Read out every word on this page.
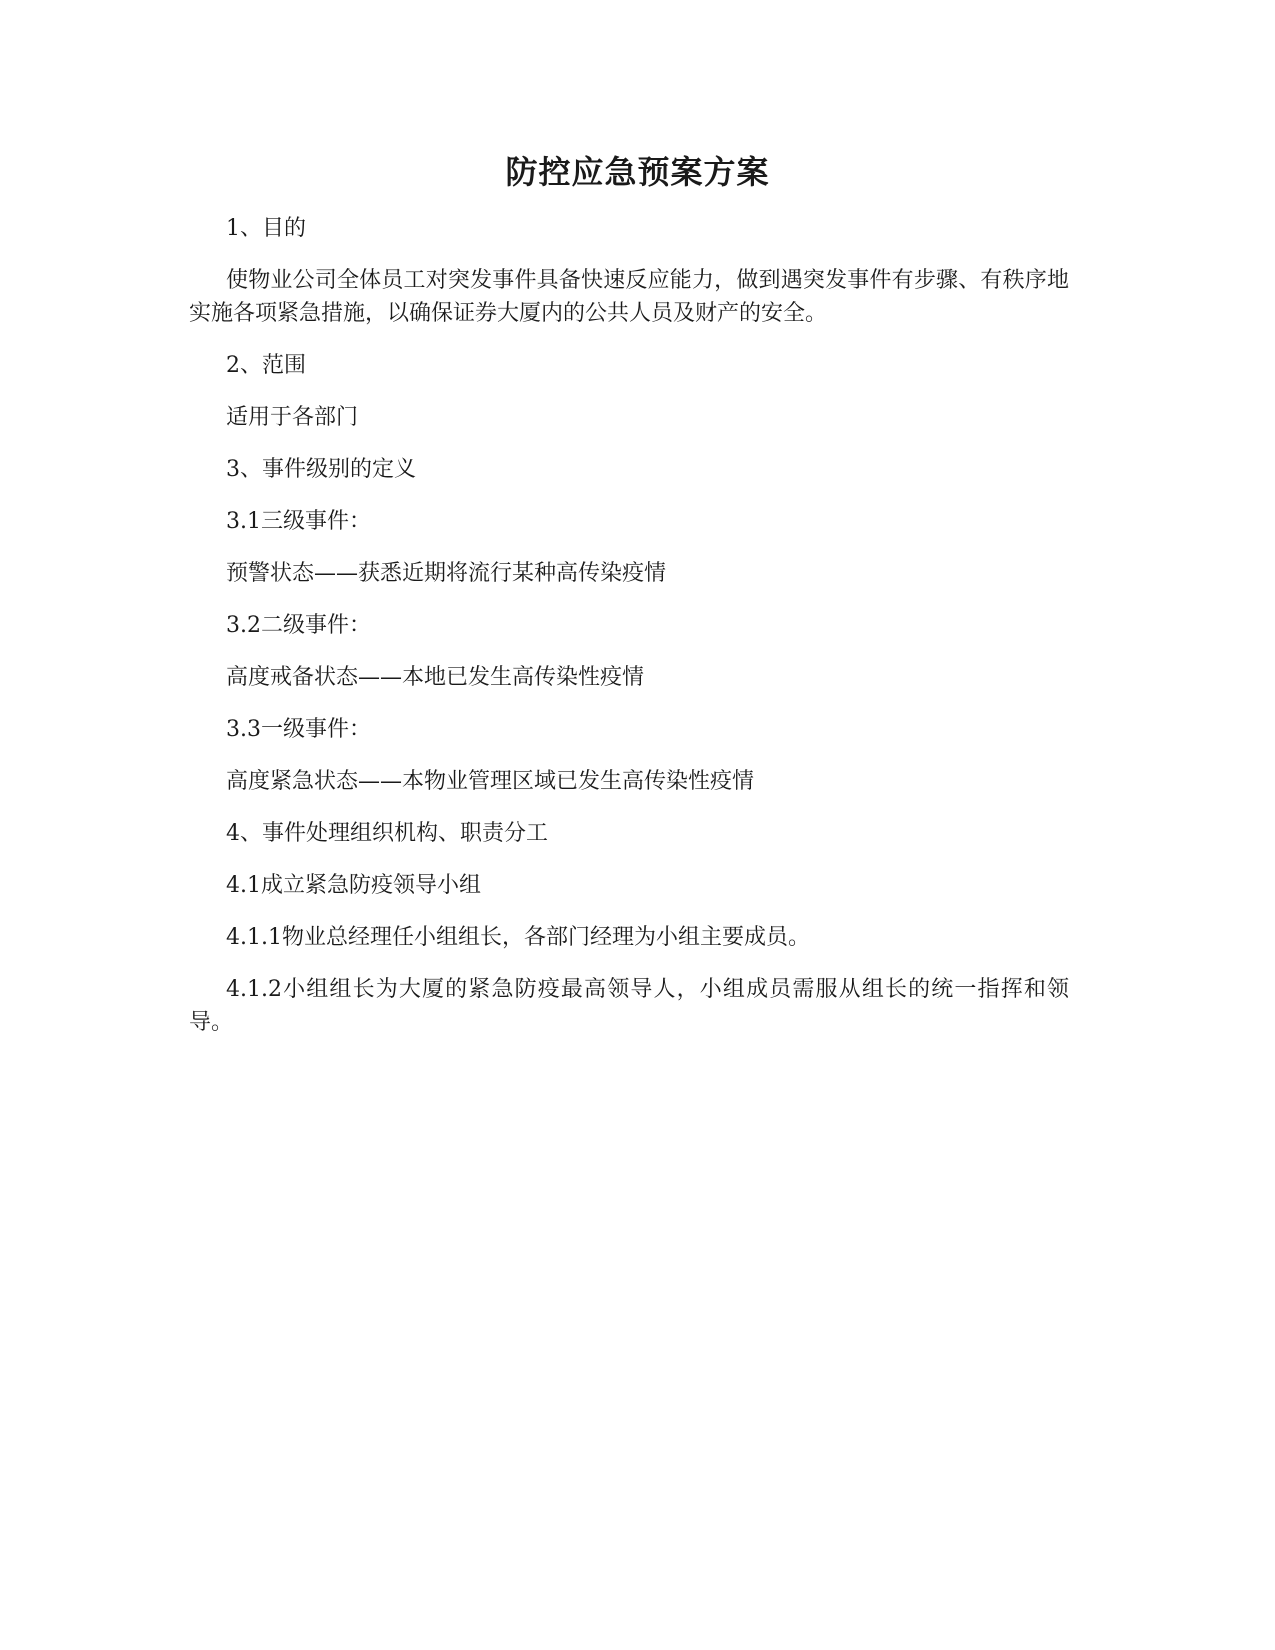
防控应急预案方案

1、目的

使物业公司全体员工对突发事件具备快速反应能力，做到遇突发事件有步骤、有秩序地实施各项紧急措施，以确保证券大厦内的公共人员及财产的安全。

2、范围

适用于各部门

3、事件级别的定义

3.1三级事件：

预警状态——获悉近期将流行某种高传染疫情

3.2二级事件：

高度戒备状态——本地已发生高传染性疫情

3.3一级事件：

高度紧急状态——本物业管理区域已发生高传染性疫情

4、事件处理组织机构、职责分工

4.1成立紧急防疫领导小组

4.1.1物业总经理任小组组长，各部门经理为小组主要成员。

4.1.2小组组长为大厦的紧急防疫最高领导人，小组成员需服从组长的统一指挥和领导。
